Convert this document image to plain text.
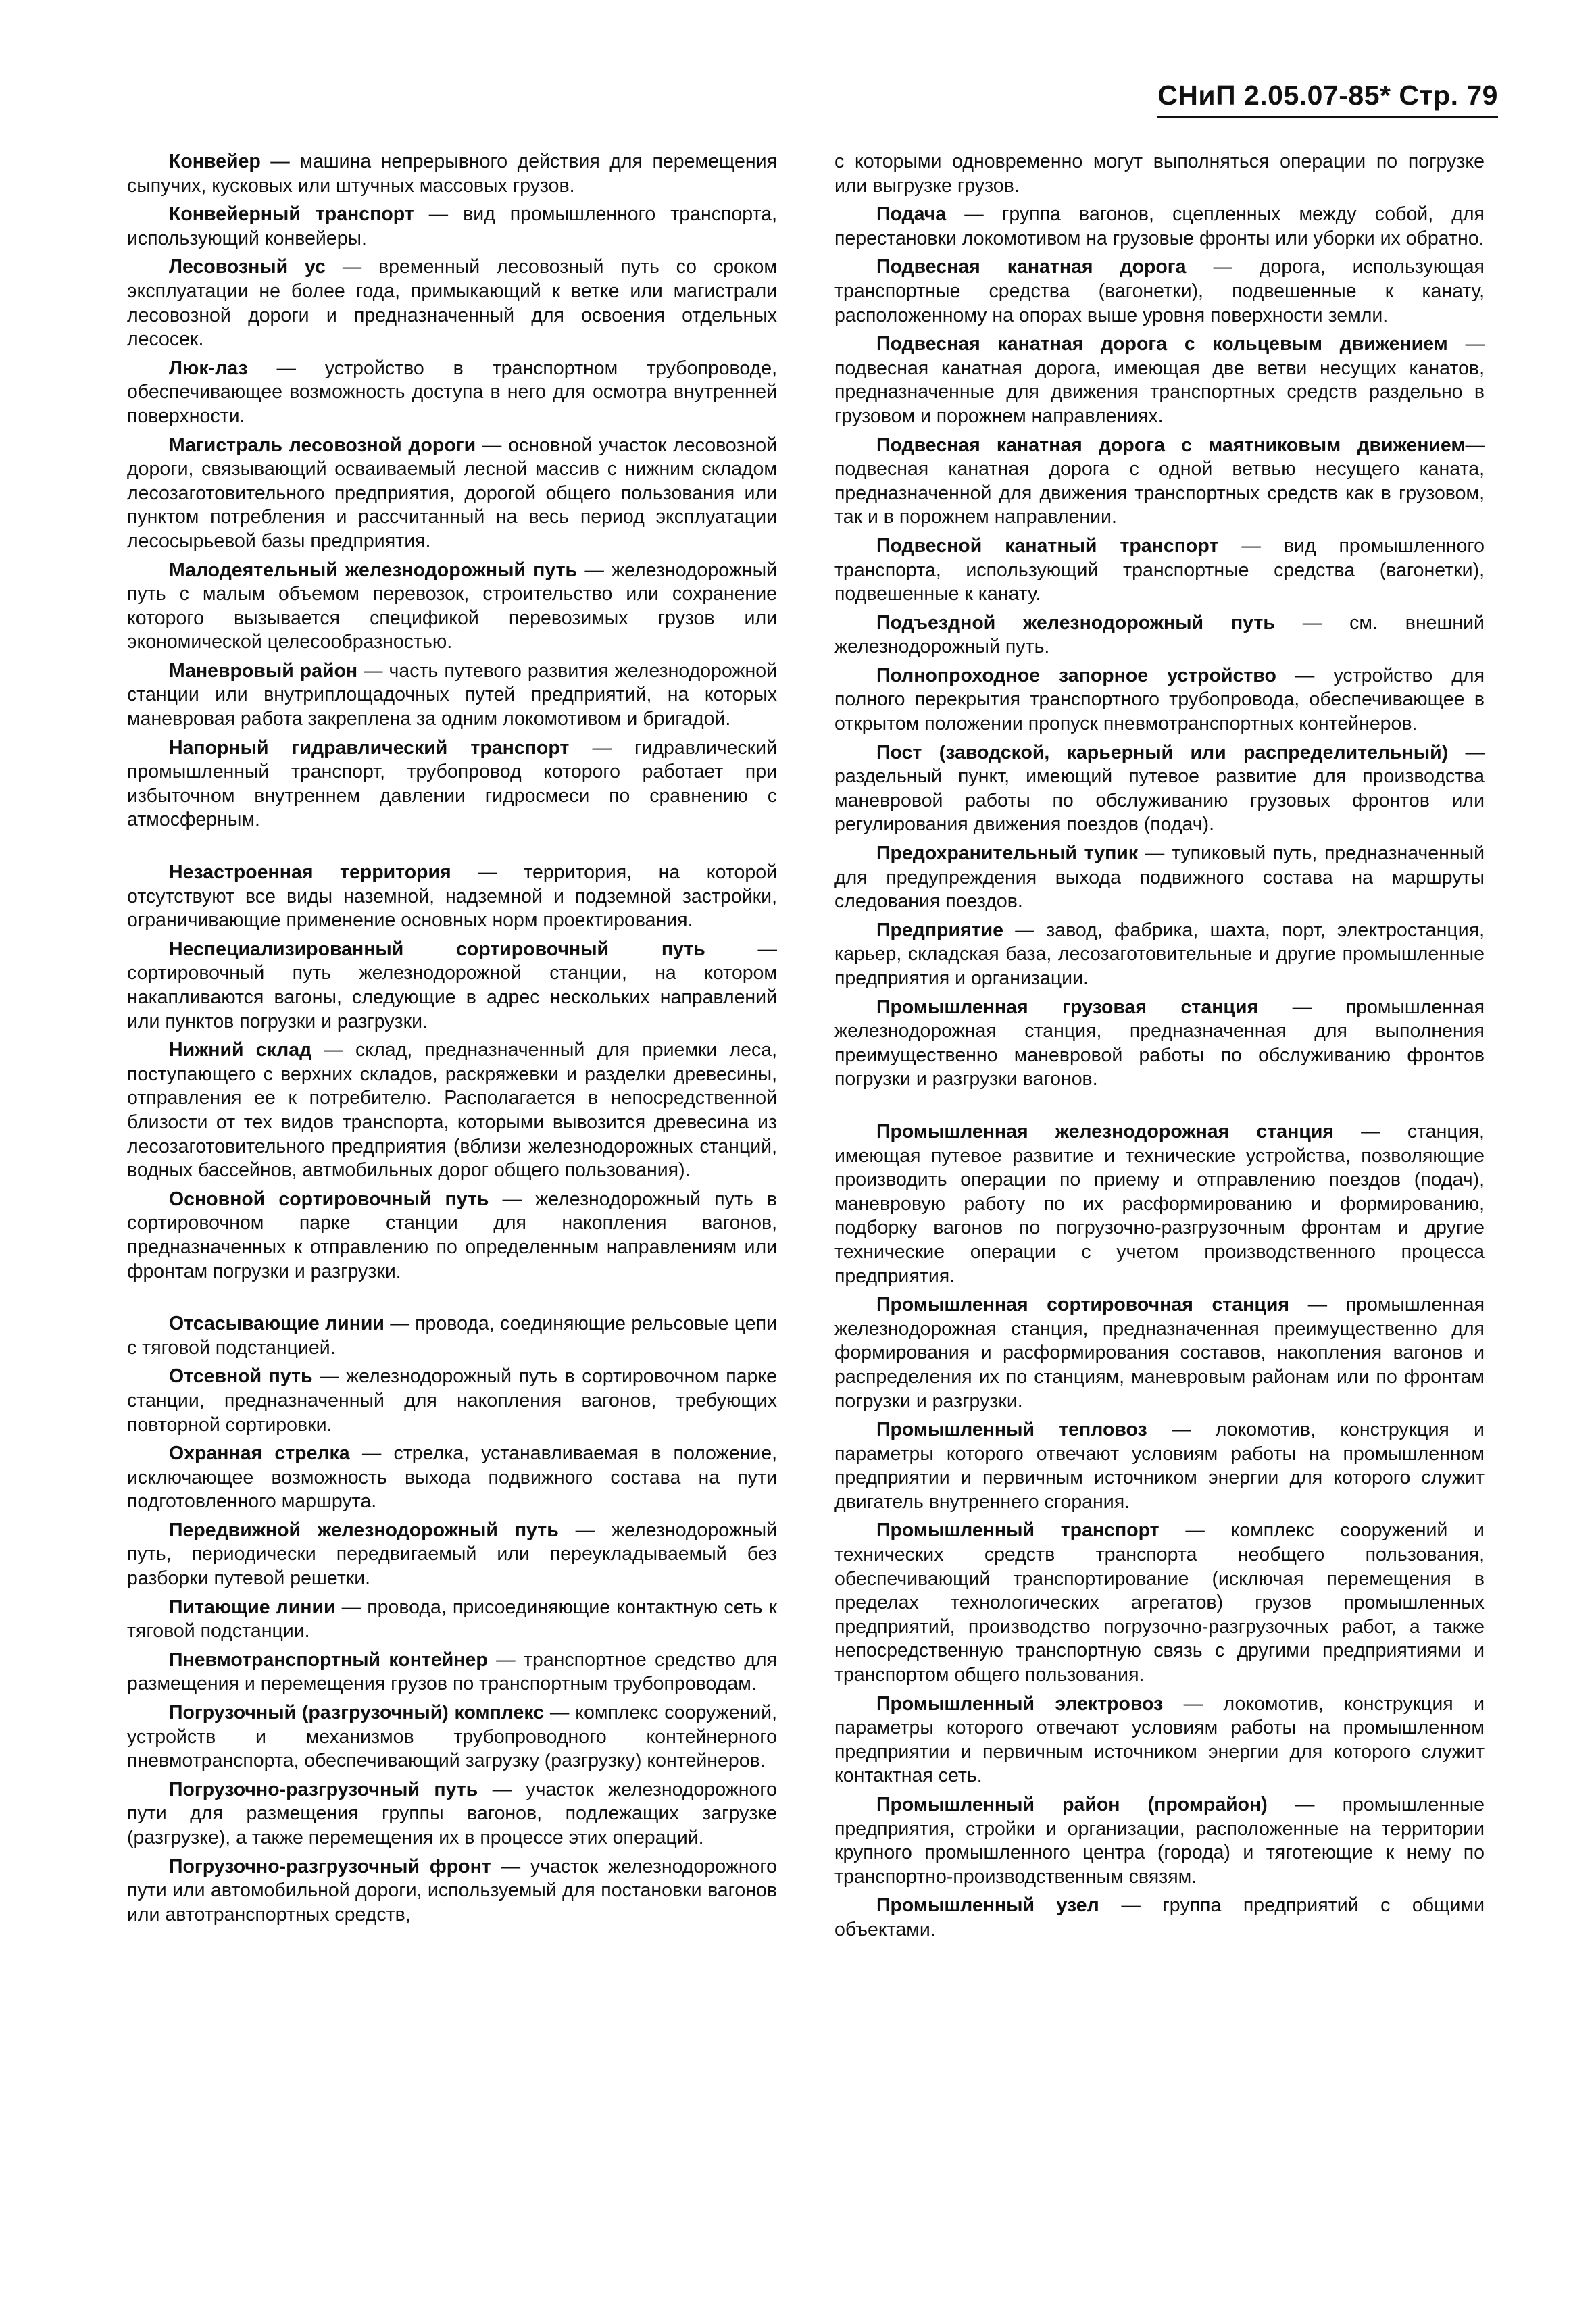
СНиП 2.05.07-85* Стр. 79

Конвейер — машина непрерывного действия для перемещения сыпучих, кусковых или штучных массовых грузов.

Конвейерный транспорт — вид промышленного транспорта, использующий конвейеры.

Лесовозный ус — временный лесовозный путь со сроком эксплуатации не более года, примыкающий к ветке или магистрали лесовозной дороги и предназначенный для освоения отдельных лесосек.

Люк-лаз — устройство в транспортном трубопроводе, обеспечивающее возможность доступа в него для осмотра внутренней поверхности.

Магистраль лесовозной дороги — основной участок лесовозной дороги, связывающий осваиваемый лесной массив с нижним складом лесозаготовительного предприятия, дорогой общего пользования или пунктом потребления и рассчитанный на весь период эксплуатации лесосырьевой базы предприятия.

Малодеятельный железнодорожный путь — железнодорожный путь с малым объемом перевозок, строительство или сохранение которого вызывается спецификой перевозимых грузов или экономической целесообразностью.

Маневровый район — часть путевого развития железнодорожной станции или внутриплощадочных путей предприятий, на которых маневровая работа закреплена за одним локомотивом и бригадой.

Напорный гидравлический транспорт — гидравлический промышленный транспорт, трубопровод которого работает при избыточном внутреннем давлении гидросмеси по сравнению с атмосферным.

Незастроенная территория — территория, на которой отсутствуют все виды наземной, надземной и подземной застройки, ограничивающие применение основных норм проектирования.

Неспециализированный сортировочный путь — сортировочный путь железнодорожной станции, на котором накапливаются вагоны, следующие в адрес нескольких направлений или пунктов погрузки и разгрузки.

Нижний склад — склад, предназначенный для приемки леса, поступающего с верхних складов, раскряжевки и разделки древесины, отправления ее к потребителю. Располагается в непосредственной близости от тех видов транспорта, которыми вывозится древесина из лесозаготовительного предприятия (вблизи железнодорожных станций, водных бассейнов, автмобильных дорог общего пользования).

Основной сортировочный путь — железнодорожный путь в сортировочном парке станции для накопления вагонов, предназначенных к отправлению по определенным направлениям или фронтам погрузки и разгрузки.

Отсасывающие линии — провода, соединяющие рельсовые цепи с тяговой подстанцией.

Отсевной путь — железнодорожный путь в сортировочном парке станции, предназначенный для накопления вагонов, требующих повторной сортировки.

Охранная стрелка — стрелка, устанавливаемая в положение, исключающее возможность выхода подвижного состава на пути подготовленного маршрута.

Передвижной железнодорожный путь — железнодорожный путь, периодически передвигаемый или переукладываемый без разборки путевой решетки.

Питающие линии — провода, присоединяющие контактную сеть к тяговой подстанции.

Пневмотранспортный контейнер — транспортное средство для размещения и перемещения грузов по транспортным трубопроводам.

Погрузочный (разгрузочный) комплекс — комплекс сооружений, устройств и механизмов трубопроводного контейнерного пневмотранспорта, обеспечивающий загрузку (разгрузку) контейнеров.

Погрузочно-разгрузочный путь — участок железнодорожного пути для размещения группы вагонов, подлежащих загрузке (разгрузке), а также перемещения их в процессе этих операций.

Погрузочно-разгрузочный фронт — участок железнодорожного пути или автомобильной дороги, используемый для постановки вагонов или автотранспортных средств,

с которыми одновременно могут выполняться операции по погрузке или выгрузке грузов.

Подача — группа вагонов, сцепленных между собой, для перестановки локомотивом на грузовые фронты или уборки их обратно.

Подвесная канатная дорога — дорога, использующая транспортные средства (вагонетки), подвешенные к канату, расположенному на опорах выше уровня поверхности земли.

Подвесная канатная дорога с кольцевым движением — подвесная канатная дорога, имеющая две ветви несущих канатов, предназначенные для движения транспортных средств раздельно в грузовом и порожнем направлениях.

Подвесная канатная дорога с маятниковым движением— подвесная канатная дорога с одной ветвью несущего каната, предназначенной для движения транспортных средств как в грузовом, так и в порожнем направлении.

Подвесной канатный транспорт — вид промышленного транспорта, использующий транспортные средства (вагонетки), подвешенные к канату.

Подъездной железнодорожный путь — см. внешний железнодорожный путь.

Полнопроходное запорное устройство — устройство для полного перекрытия транспортного трубопровода, обеспечивающее в открытом положении пропуск пневмотранспортных контейнеров.

Пост (заводской, карьерный или распределительный) — раздельный пункт, имеющий путевое развитие для производства маневровой работы по обслуживанию грузовых фронтов или регулирования движения поездов (подач).

Предохранительный тупик — тупиковый путь, предназначенный для предупреждения выхода подвижного состава на маршруты следования поездов.

Предприятие — завод, фабрика, шахта, порт, электростанция, карьер, складская база, лесозаготовительные и другие промышленные предприятия и организации.

Промышленная грузовая станция — промышленная железнодорожная станция, предназначенная для выполнения преимущественно маневровой работы по обслуживанию фронтов погрузки и разгрузки вагонов.

Промышленная железнодорожная станция — станция, имеющая путевое развитие и технические устройства, позволяющие производить операции по приему и отправлению поездов (подач), маневровую работу по их расформированию и формированию, подборку вагонов по погрузочно-разгрузочным фронтам и другие технические операции с учетом производственного процесса предприятия.

Промышленная сортировочная станция — промышленная железнодорожная станция, предназначенная преимущественно для формирования и расформирования составов, накопления вагонов и распределения их по станциям, маневровым районам или по фронтам погрузки и разгрузки.

Промышленный тепловоз — локомотив, конструкция и параметры которого отвечают условиям работы на промышленном предприятии и первичным источником энергии для которого служит двигатель внутреннего сгорания.

Промышленный транспорт — комплекс сооружений и технических средств транспорта необщего пользования, обеспечивающий транспортирование (исключая перемещения в пределах технологических агрегатов) грузов промышленных предприятий, производство погрузочно-разгрузочных работ, а также непосредственную транспортную связь с другими предприятиями и транспортом общего пользования.

Промышленный электровоз — локомотив, конструкция и параметры которого отвечают условиям работы на промышленном предприятии и первичным источником энергии для которого служит контактная сеть.

Промышленный район (промрайон) — промышленные предприятия, стройки и организации, расположенные на территории крупного промышленного центра (города) и тяготеющие к нему по транспортно-производственным связям.

Промышленный узел — группа предприятий с общими объектами.
